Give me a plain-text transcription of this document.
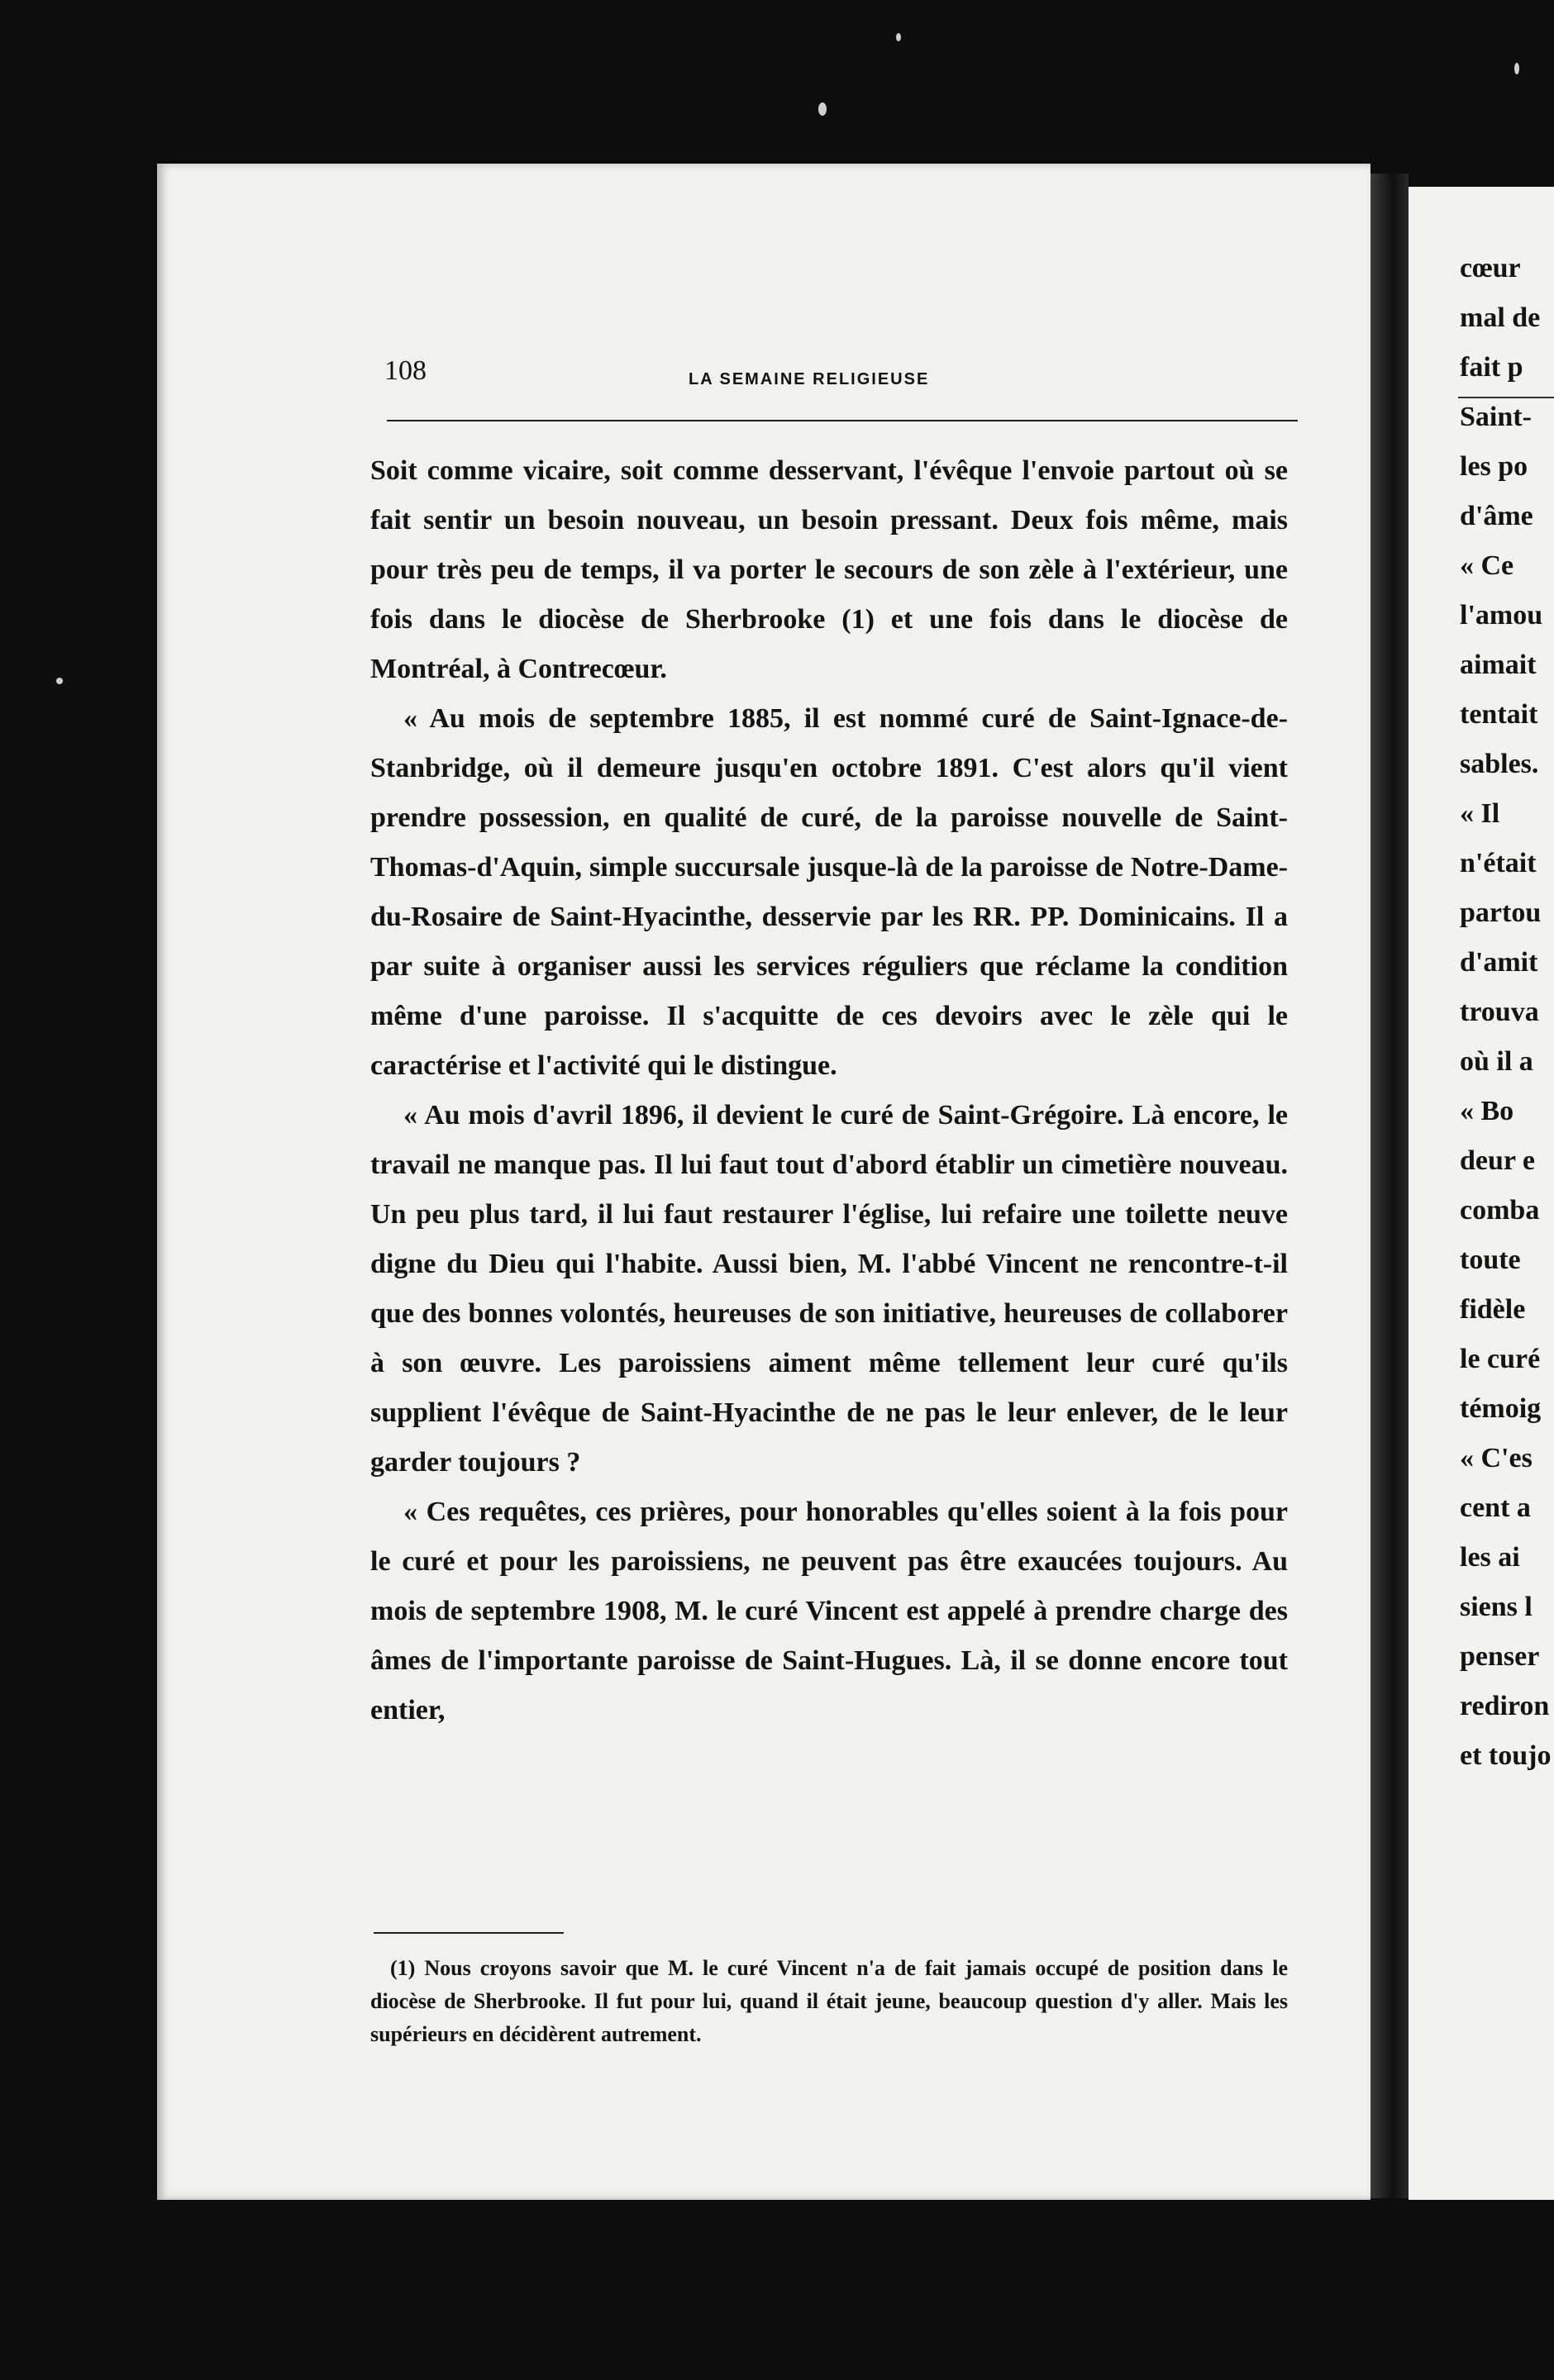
108	LA SEMAINE RELIGIEUSE

Soit comme vicaire, soit comme desservant, l'évêque l'envoie partout où se fait sentir un besoin nouveau, un besoin pressant. Deux fois même, mais pour très peu de temps, il va porter le secours de son zèle à l'extérieur, une fois dans le diocèse de Sherbrooke (1) et une fois dans le diocèse de Montréal, à Contrecœur.

« Au mois de septembre 1885, il est nommé curé de Saint-Ignace-de-Stanbridge, où il demeure jusqu'en octobre 1891. C'est alors qu'il vient prendre possession, en qualité de curé, de la paroisse nouvelle de Saint-Thomas-d'Aquin, simple succursale jusque-là de la paroisse de Notre-Dame-du-Rosaire de Saint-Hyacinthe, desservie par les RR. PP. Dominicains. Il a par suite à organiser aussi les services réguliers que réclame la condition même d'une paroisse. Il s'acquitte de ces devoirs avec le zèle qui le caractérise et l'activité qui le distingue.

« Au mois d'avril 1896, il devient le curé de Saint-Grégoire. Là encore, le travail ne manque pas. Il lui faut tout d'abord établir un cimetière nouveau. Un peu plus tard, il lui faut restaurer l'église, lui refaire une toilette neuve digne du Dieu qui l'habite. Aussi bien, M. l'abbé Vincent ne rencontre-t-il que des bonnes volontés, heureuses de son initiative, heureuses de collaborer à son œuvre. Les paroissiens aiment même tellement leur curé qu'ils supplient l'évêque de Saint-Hyacinthe de ne pas le leur enlever, de le leur garder toujours ?

« Ces requêtes, ces prières, pour honorables qu'elles soient à la fois pour le curé et pour les paroissiens, ne peuvent pas être exaucées toujours. Au mois de septembre 1908, M. le curé Vincent est appelé à prendre charge des âmes de l'importante paroisse de Saint-Hugues. Là, il se donne encore tout entier,

(1) Nous croyons savoir que M. le curé Vincent n'a de fait jamais occupé de position dans le diocèse de Sherbrooke. Il fut pour lui, quand il était jeune, beaucoup question d'y aller. Mais les supérieurs en décidèrent autrement.
cœur
mal de
fait p
Saint-
les po
d'âme
« Ce
l'amou
aimait
tentait
sables.
« Il
n'était
partou
d'amit
trouva
où il a
« Bo
deur e
comba
toute
fidèle
le curé
témoig
« C'es
cent a
les ai
siens l
penser
rediron
et toujo
